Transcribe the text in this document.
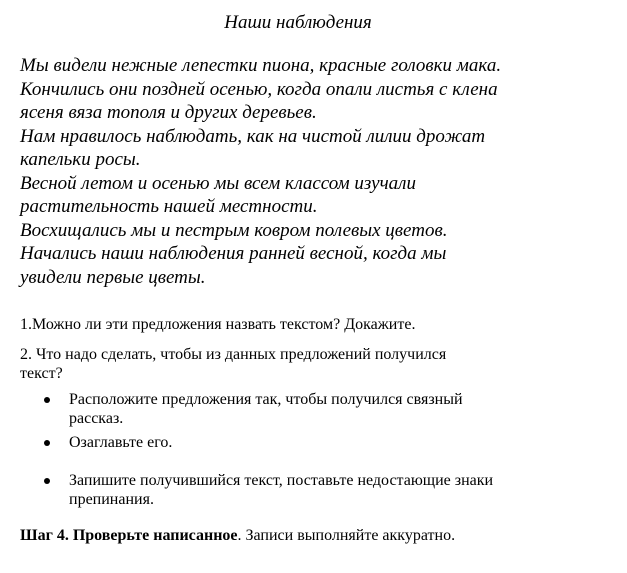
Наши наблюдения
Мы видели нежные лепестки пиона, красные головки мака.
Кончились они поздней осенью, когда опали листья с клена
ясеня вяза тополя и других деревьев.
Нам нравилось наблюдать, как на чистой лилии дрожат
капельки росы.
Весной летом и осенью мы всем классом изучали
растительность нашей местности.
Восхищались мы и пестрым ковром полевых цветов.
Начались наши наблюдения ранней весной, когда мы
увидели первые цветы.
1.Можно ли эти предложения назвать текстом? Докажите.
2. Что надо сделать, чтобы из данных предложений получился
текст?
Расположите предложения так, чтобы получился связный
рассказ.
Озаглавьте его.
Запишите получившийся текст, поставьте недостающие знаки
препинания.
Шаг 4. Проверьте написанное. Записи выполняйте аккуратно.
